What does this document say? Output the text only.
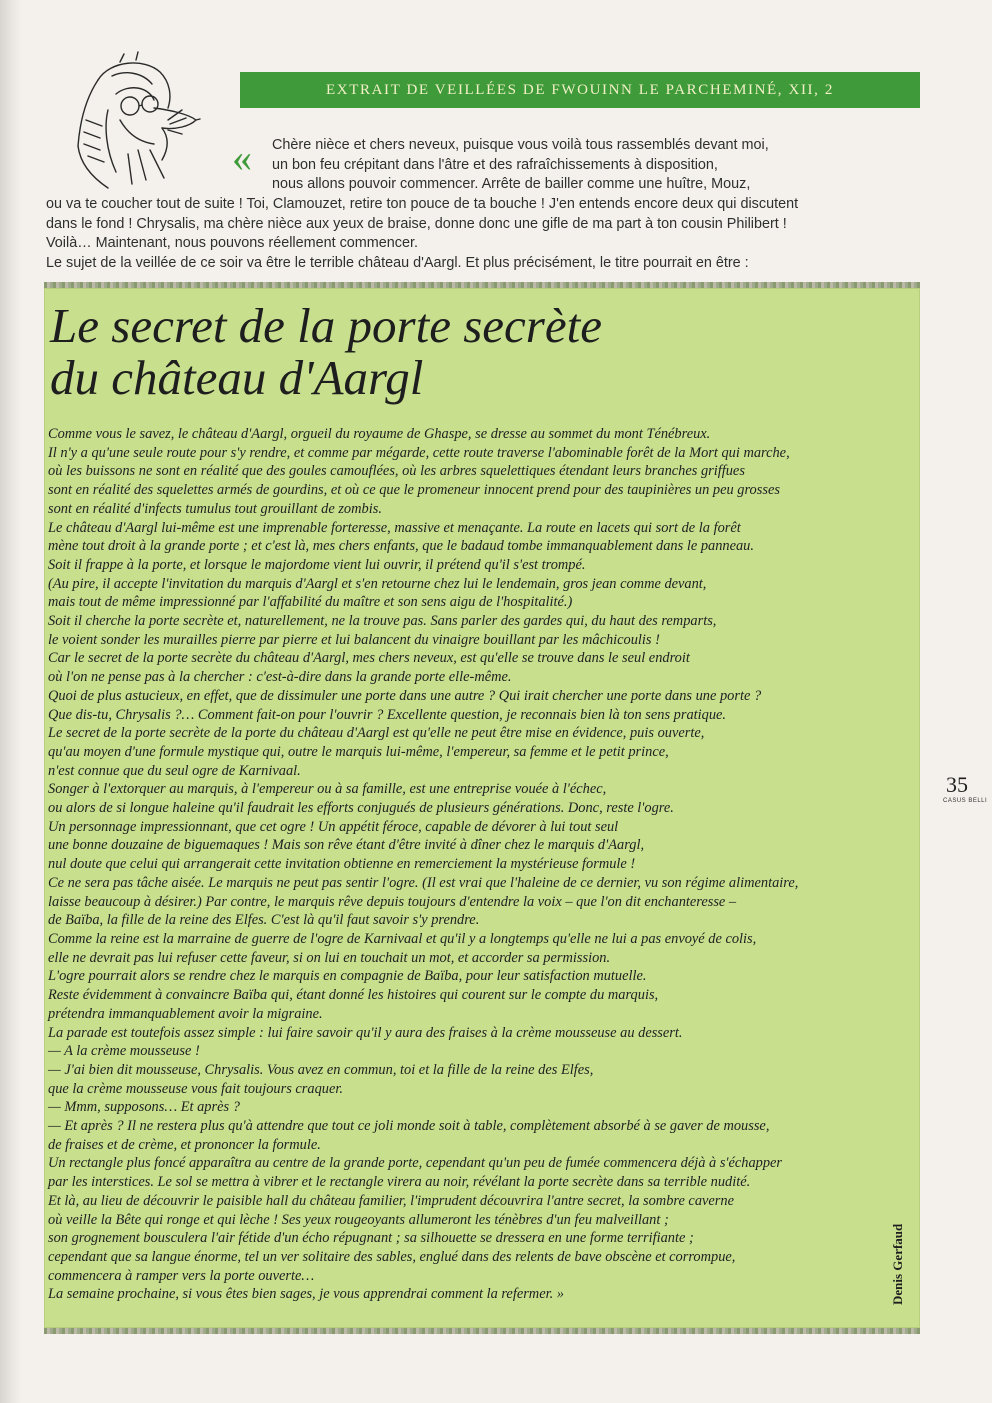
EXTRAIT DE VEILLÉES DE FWOUINN LE PARCHEMINÉ, XII, 2
« Chère nièce et chers neveux, puisque vous voilà tous rassemblés devant moi,

un bon feu crépitant dans l'âtre et des rafraîchissements à disposition,

nous allons pouvoir commencer. Arrête de bailler comme une huître, Mouz,

ou va te coucher tout de suite ! Toi, Clamouzet, retire ton pouce de ta bouche ! J'en entends encore deux qui discutent

dans le fond ! Chrysalis, ma chère nièce aux yeux de braise, donne donc une gifle de ma part à ton cousin Philibert !

Voilà… Maintenant, nous pouvons réellement commencer.

Le sujet de la veillée de ce soir va être le terrible château d'Aargl. Et plus précisément, le titre pourrait en être :

Le secret de la porte secrète
du château d'Aargl

Comme vous le savez, le château d'Aargl, orgueil du royaume de Ghaspe, se dresse au sommet du mont Ténébreux.

Il n'y a qu'une seule route pour s'y rendre, et comme par mégarde, cette route traverse l'abominable forêt de la Mort qui marche,

où les buissons ne sont en réalité que des goules camouflées, où les arbres squelettiques étendant leurs branches griffues

sont en réalité des squelettes armés de gourdins, et où ce que le promeneur innocent prend pour des taupinières un peu grosses

sont en réalité d'infects tumulus tout grouillant de zombis.

Le château d'Aargl lui-même est une imprenable forteresse, massive et menaçante. La route en lacets qui sort de la forêt

mène tout droit à la grande porte ; et c'est là, mes chers enfants, que le badaud tombe immanquablement dans le panneau.

Soit il frappe à la porte, et lorsque le majordome vient lui ouvrir, il prétend qu'il s'est trompé.

(Au pire, il accepte l'invitation du marquis d'Aargl et s'en retourne chez lui le lendemain, gros jean comme devant,

mais tout de même impressionné par l'affabilité du maître et son sens aigu de l'hospitalité.)

Soit il cherche la porte secrète et, naturellement, ne la trouve pas. Sans parler des gardes qui, du haut des remparts,

le voient sonder les murailles pierre par pierre et lui balancent du vinaigre bouillant par les mâchicoulis !

Car le secret de la porte secrète du château d'Aargl, mes chers neveux, est qu'elle se trouve dans le seul endroit

où l'on ne pense pas à la chercher : c'est-à-dire dans la grande porte elle-même.

Quoi de plus astucieux, en effet, que de dissimuler une porte dans une autre ? Qui irait chercher une porte dans une porte ?

Que dis-tu, Chrysalis ?… Comment fait-on pour l'ouvrir ? Excellente question, je reconnais bien là ton sens pratique.

Le secret de la porte secrète de la porte du château d'Aargl est qu'elle ne peut être mise en évidence, puis ouverte,

qu'au moyen d'une formule mystique qui, outre le marquis lui-même, l'empereur, sa femme et le petit prince,

n'est connue que du seul ogre de Karnivaal.

Songer à l'extorquer au marquis, à l'empereur ou à sa famille, est une entreprise vouée à l'échec,

ou alors de si longue haleine qu'il faudrait les efforts conjugués de plusieurs générations. Donc, reste l'ogre.

Un personnage impressionnant, que cet ogre ! Un appétit féroce, capable de dévorer à lui tout seul

une bonne douzaine de biguemaques ! Mais son rêve étant d'être invité à dîner chez le marquis d'Aargl,

nul doute que celui qui arrangerait cette invitation obtienne en remerciement la mystérieuse formule !

Ce ne sera pas tâche aisée. Le marquis ne peut pas sentir l'ogre. (Il est vrai que l'haleine de ce dernier, vu son régime alimentaire,

laisse beaucoup à désirer.) Par contre, le marquis rêve depuis toujours d'entendre la voix – que l'on dit enchanteresse –

de Baïba, la fille de la reine des Elfes. C'est là qu'il faut savoir s'y prendre.

Comme la reine est la marraine de guerre de l'ogre de Karnivaal et qu'il y a longtemps qu'elle ne lui a pas envoyé de colis,

elle ne devrait pas lui refuser cette faveur, si on lui en touchait un mot, et accorder sa permission.

L'ogre pourrait alors se rendre chez le marquis en compagnie de Baïba, pour leur satisfaction mutuelle.

Reste évidemment à convaincre Baïba qui, étant donné les histoires qui courent sur le compte du marquis,

prétendra immanquablement avoir la migraine.

La parade est toutefois assez simple : lui faire savoir qu'il y aura des fraises à la crème mousseuse au dessert.

— A la crème mousseuse !

— J'ai bien dit mousseuse, Chrysalis. Vous avez en commun, toi et la fille de la reine des Elfes,

que la crème mousseuse vous fait toujours craquer.

— Mmm, supposons… Et après ?

— Et après ? Il ne restera plus qu'à attendre que tout ce joli monde soit à table, complètement absorbé à se gaver de mousse,

de fraises et de crème, et prononcer la formule.

Un rectangle plus foncé apparaîtra au centre de la grande porte, cependant qu'un peu de fumée commencera déjà à s'échapper

par les interstices. Le sol se mettra à vibrer et le rectangle virera au noir, révélant la porte secrète dans sa terrible nudité.

Et là, au lieu de découvrir le paisible hall du château familier, l'imprudent découvrira l'antre secret, la sombre caverne

où veille la Bête qui ronge et qui lèche ! Ses yeux rougeoyants allumeront les ténèbres d'un feu malveillant ;

son grognement bousculera l'air fétide d'un écho répugnant ; sa silhouette se dressera en une forme terrifiante ;

cependant que sa langue énorme, tel un ver solitaire des sables, englué dans des relents de bave obscène et corrompue,

commencera à ramper vers la porte ouverte…

La semaine prochaine, si vous êtes bien sages, je vous apprendrai comment la refermer. »	Denis Gerfaud
35
CASUS BELLI
